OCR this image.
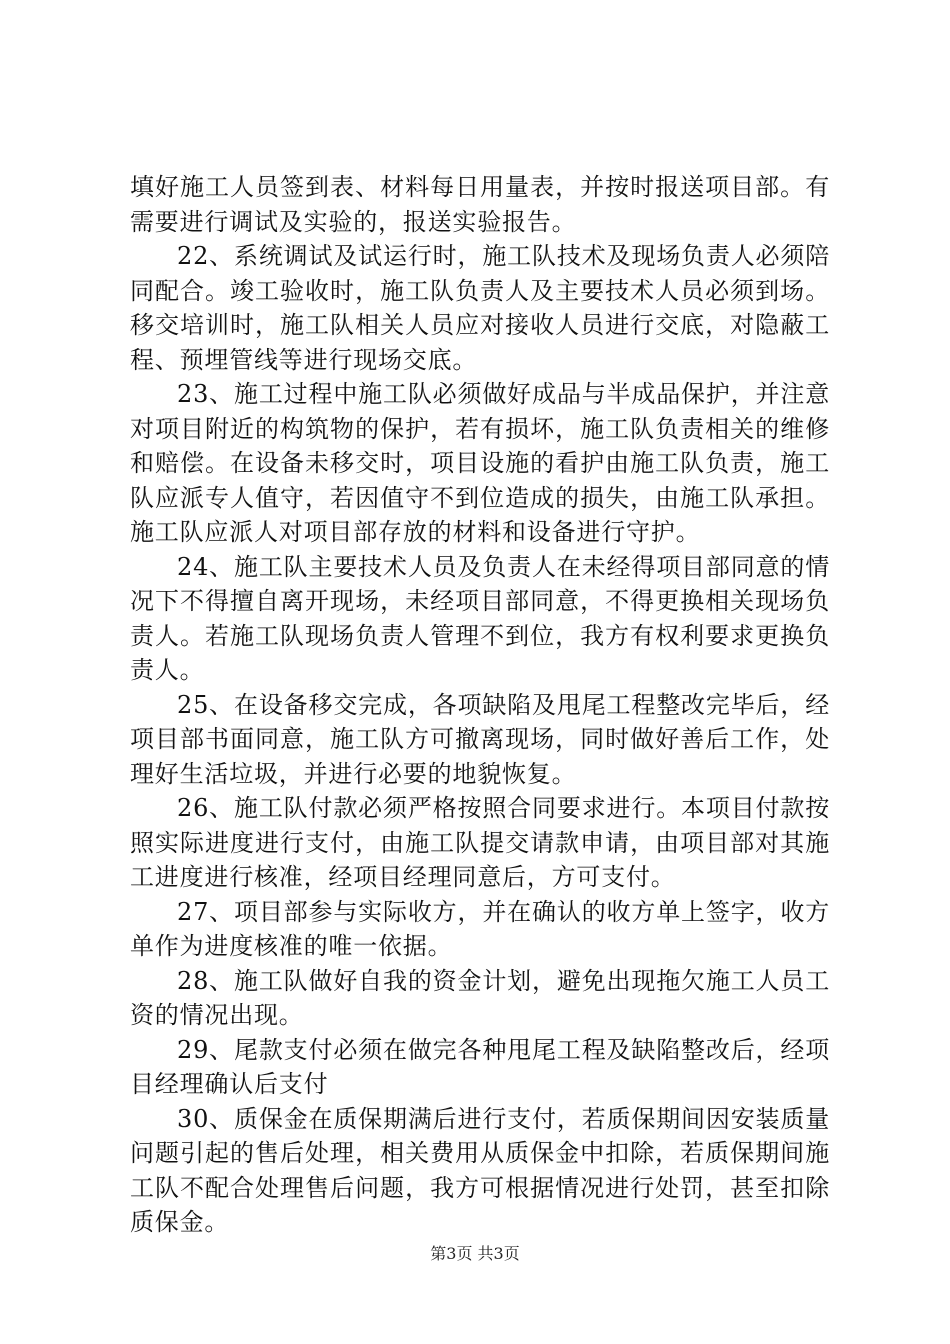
填好施工人员签到表、材料每日用量表，并按时报送项目部。有需要进行调试及实验的，报送实验报告。

22、系统调试及试运行时，施工队技术及现场负责人必须陪同配合。竣工验收时，施工队负责人及主要技术人员必须到场。移交培训时，施工队相关人员应对接收人员进行交底，对隐蔽工程、预埋管线等进行现场交底。

23、施工过程中施工队必须做好成品与半成品保护，并注意对项目附近的构筑物的保护，若有损坏，施工队负责相关的维修和赔偿。在设备未移交时，项目设施的看护由施工队负责，施工队应派专人值守，若因值守不到位造成的损失，由施工队承担。施工队应派人对项目部存放的材料和设备进行守护。

24、施工队主要技术人员及负责人在未经得项目部同意的情况下不得擅自离开现场，未经项目部同意，不得更换相关现场负责人。若施工队现场负责人管理不到位，我方有权利要求更换负责人。

25、在设备移交完成，各项缺陷及甩尾工程整改完毕后，经项目部书面同意，施工队方可撤离现场，同时做好善后工作，处理好生活垃圾，并进行必要的地貌恢复。

26、施工队付款必须严格按照合同要求进行。本项目付款按照实际进度进行支付，由施工队提交请款申请，由项目部对其施工进度进行核准，经项目经理同意后，方可支付。

27、项目部参与实际收方，并在确认的收方单上签字，收方单作为进度核准的唯一依据。

28、施工队做好自我的资金计划，避免出现拖欠施工人员工资的情况出现。

29、尾款支付必须在做完各种甩尾工程及缺陷整改后，经项目经理确认后支付

30、质保金在质保期满后进行支付，若质保期间因安装质量问题引起的售后处理，相关费用从质保金中扣除，若质保期间施工队不配合处理售后问题，我方可根据情况进行处罚，甚至扣除质保金。

第3页 共3页
